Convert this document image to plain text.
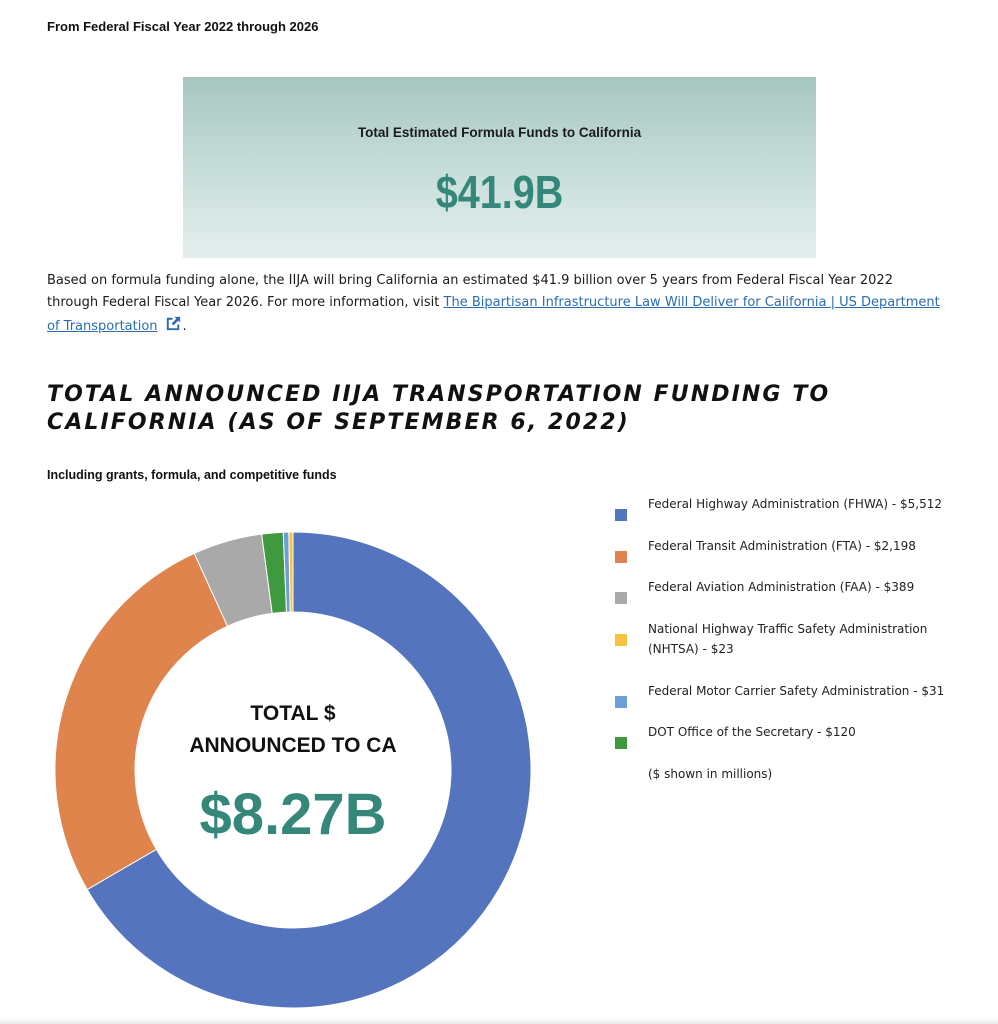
From Federal Fiscal Year 2022 through 2026
Total Estimated Formula Funds to California
$41.9B
Based on formula funding alone, the IIJA will bring California an estimated $41.9 billion over 5 years from Federal Fiscal Year 2022 through Federal Fiscal Year 2026. For more information, visit The Bipartisan Infrastructure Law Will Deliver for California | US Department of Transportation .
TOTAL ANNOUNCED IIJA TRANSPORTATION FUNDING TO CALIFORNIA (AS OF SEPTEMBER 6, 2022)
Including grants, formula, and competitive funds
TOTAL $
ANNOUNCED TO CA
$8.27B
Federal Highway Administration (FHWA) - $5,512
Federal Transit Administration (FTA) - $2,198
Federal Aviation Administration (FAA) - $389
National Highway Traffic Safety Administration (NHTSA) - $23
Federal Motor Carrier Safety Administration - $31
DOT Office of the Secretary - $120
($ shown in millions)
